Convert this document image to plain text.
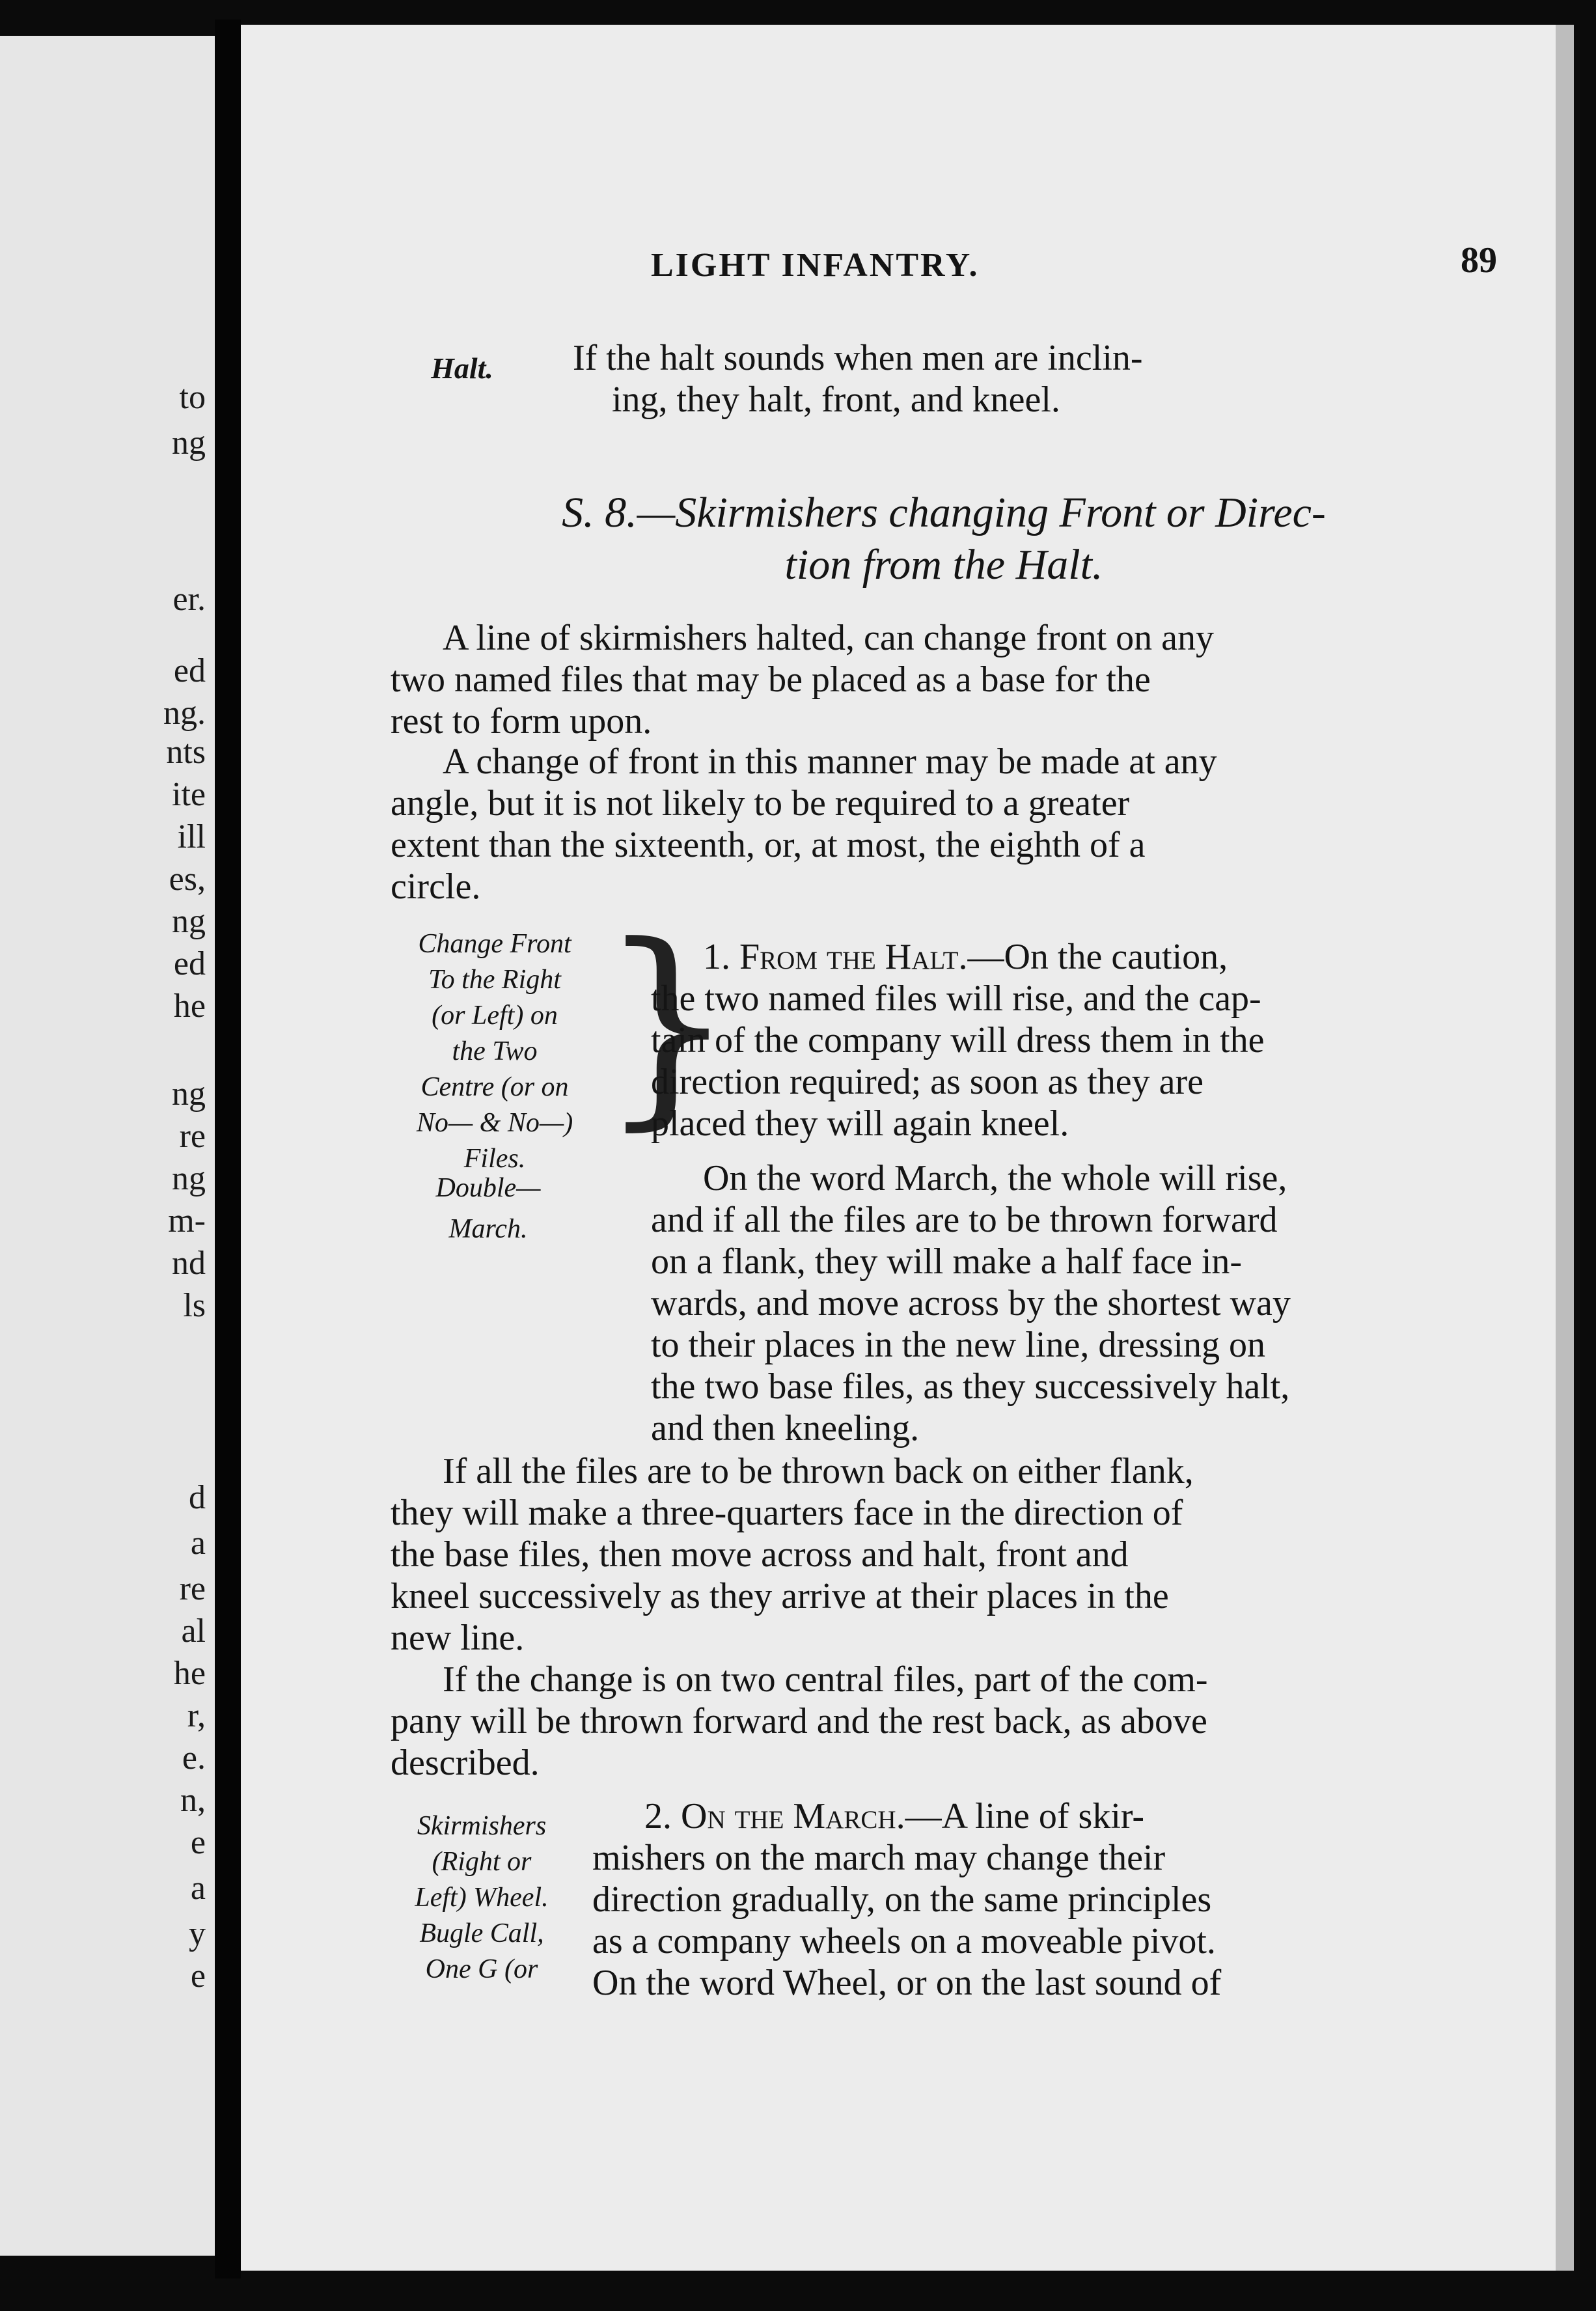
to
ng
er.
ed
ng.
nts
ite
ill
es,
ng
ed
he
ng
re
ng
m-
nd
ls
d
a
re
al
he
r,
e.
n,
e
a
y
e
LIGHT INFANTRY.	89
Halt.	If the halt sounds when men are inclin-

ing, they halt, front, and kneel.

S. 8.—Skirmishers changing Front or Direc-

tion from the Halt.

A line of skirmishers halted, can change front on any

two named files that may be placed as a base for the

rest to form upon.

A change of front in this manner may be made at any

angle, but it is not likely to be required to a greater

extent than the sixteenth, or, at most, the eighth of a

circle.

Change Front
To the Right
(or Left) on
the Two
Centre (or on
No— & No—)
Files.
}

1. From the Halt.—On the caution,

the two named files will rise, and the cap-

tain of the company will dress them in the

direction required; as soon as they are

placed they will again kneel.

Double—
March.

On the word March, the whole will rise,

and if all the files are to be thrown forward

on a flank, they will make a half face in-

wards, and move across by the shortest way

to their places in the new line, dressing on

the two base files, as they successively halt,

and then kneeling.

If all the files are to be thrown back on either flank,

they will make a three-quarters face in the direction of

the base files, then move across and halt, front and

kneel successively as they arrive at their places in the

new line.

If the change is on two central files, part of the com-

pany will be thrown forward and the rest back, as above

described.

Skirmishers
(Right or
Left) Wheel.
Bugle Call,
One G (or

2. On the March.—A line of skir-

mishers on the march may change their

direction gradually, on the same principles

as a company wheels on a moveable pivot.

On the word Wheel, or on the last sound of
